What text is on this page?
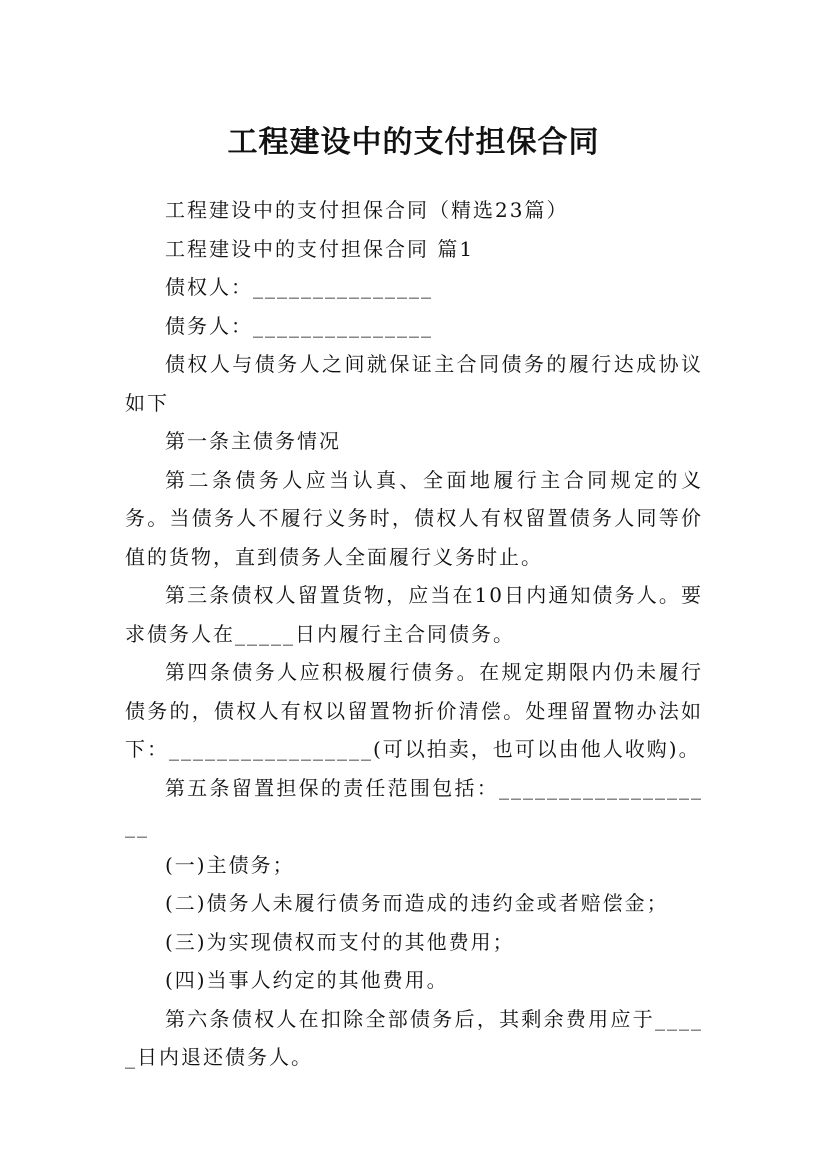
工程建设中的支付担保合同

工程建设中的支付担保合同（精选23篇）

工程建设中的支付担保合同 篇1

债权人：_______________

债务人：_______________

债权人与债务人之间就保证主合同债务的履行达成协议如下

第一条主债务情况

第二条债务人应当认真、全面地履行主合同规定的义务。当债务人不履行义务时，债权人有权留置债务人同等价值的货物，直到债务人全面履行义务时止。

第三条债权人留置货物，应当在10日内通知债务人。要求债务人在_____日内履行主合同债务。

第四条债务人应积极履行债务。在规定期限内仍未履行债务的，债权人有权以留置物折价清偿。处理留置物办法如下：_________________(可以拍卖，也可以由他人收购)。

第五条留置担保的责任范围包括：___________________

(一)主债务；

(二)债务人未履行债务而造成的违约金或者赔偿金；

(三)为实现债权而支付的其他费用；

(四)当事人约定的其他费用。

第六条债权人在扣除全部债务后，其剩余费用应于_____日内退还债务人。
